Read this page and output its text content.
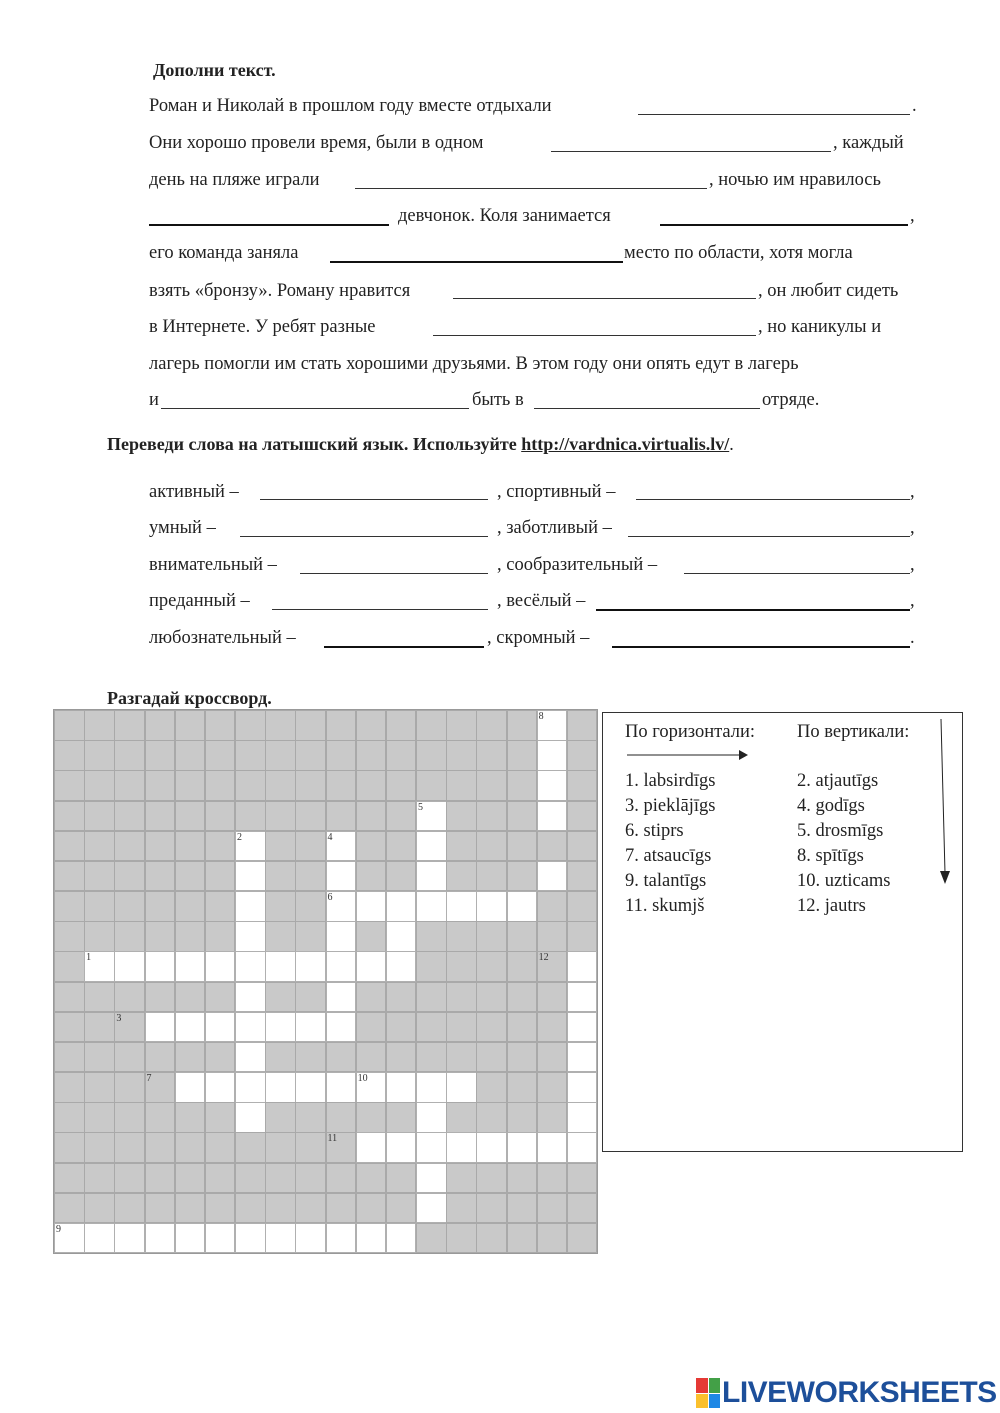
Дополни текст.
Роман и Николай в прошлом году вместе отдыхали	.
Они хорошо провели время, были в одном	, каждый
день на пляже играли	, ночью им нравилось
девчонок. Коля занимается	,
его команда заняла	место по области, хотя могла
взять «бронзу». Роману нравится	, он любит сидеть
в Интернете. У ребят разные	, но каникулы и
лагерь помогли им стать хорошими друзьями. В этом году они опять едут в лагерь
и	быть в	отряде.
Переведи слова на латышский язык. Используйте http://vardnica.virtualis.lv/.
активный –	, спортивный –	,
умный –	, заботливый –	,
внимательный –	, сообразительный –	,
преданный –	, весёлый –	,
любознательный –	, скромный –	.
Разгадай кроссворд.
8
5
2	4
6
1	12
3
7	10
11
9
По горизонтали: По вертикали:
1. labsirdīgs
3. pieklājīgs
6. stiprs
7. atsaucīgs
9. talantīgs
11. skumjš
2. atjautīgs
4. godīgs
5. drosmīgs
8. spītīgs
10. uzticams
12. jautrs
LIVEWORKSHEETS
